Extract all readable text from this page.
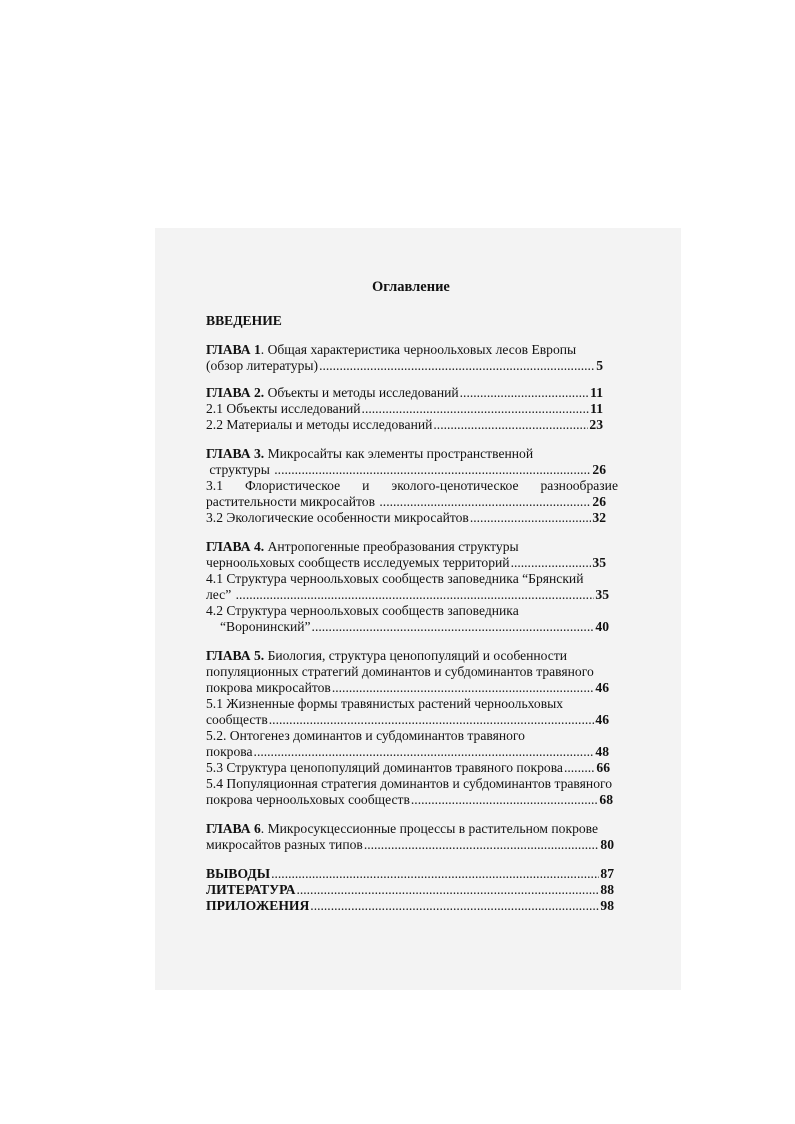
Оглавление
ВВЕДЕНИЕ
ГЛАВА 1. Общая характеристика черноольховых лесов Европы
(обзор литературы) .....	5
ГЛАВА 2. Объекты и методы исследований .....	11
2.1 Объекты исследований .....	11
2.2 Материалы и методы исследований .....	23
ГЛАВА 3. Микросайты как элементы пространственной
структуры .....	26
3.1 Флористическое и эколого-ценотическое разнообразие
растительности микросайтов .....	26
3.2 Экологические особенности микросайтов .....	32
ГЛАВА 4. Антропогенные преобразования структуры
черноольховых сообществ исследуемых территорий .....	35
4.1 Структура черноольховых сообществ заповедника “Брянский
лес” .....	35
4.2 Структура черноольховых сообществ заповедника
“Воронинский” .....	40
ГЛАВА 5. Биология, структура ценопопуляций и особенности
популяционных стратегий доминантов и субдоминантов травяного
покрова микросайтов .....	46
5.1 Жизненные формы травянистых растений черноольховых
сообществ .....	46
5.2. Онтогенез доминантов и субдоминантов травяного
покрова .....	48
5.3 Структура ценопопуляций доминантов травяного покрова ..... 66
5.4 Популяционная стратегия доминантов и субдоминантов травяного
покрова черноольховых сообществ .....	68
ГЛАВА 6. Микросукцессионные процессы в растительном покрове
микросайтов разных типов .....	80
ВЫВОДЫ .....	87
ЛИТЕРАТУРА .....	88
ПРИЛОЖЕНИЯ .....	98
